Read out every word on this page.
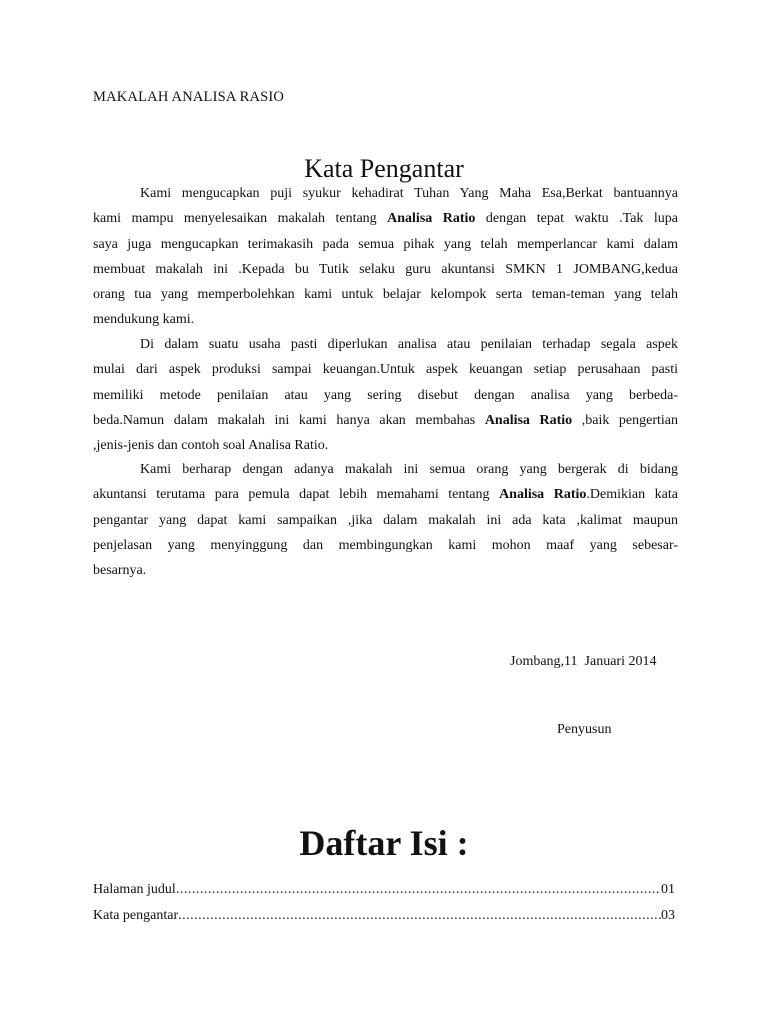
MAKALAH ANALISA RASIO
Kata Pengantar
Kami mengucapkan puji syukur kehadirat Tuhan Yang Maha Esa,Berkat bantuannya
kami mampu menyelesaikan makalah tentang Analisa Ratio dengan tepat waktu .Tak lupa
saya juga mengucapkan terimakasih pada semua pihak yang telah memperlancar kami dalam
membuat makalah ini .Kepada bu Tutik selaku guru akuntansi SMKN 1 JOMBANG,kedua
orang tua yang memperbolehkan kami untuk belajar kelompok serta teman-teman yang telah
mendukung kami.
Di dalam suatu usaha pasti diperlukan analisa atau penilaian terhadap segala aspek
mulai dari aspek produksi sampai keuangan.Untuk aspek keuangan setiap perusahaan pasti
memiliki metode penilaian atau yang sering disebut dengan analisa yang berbeda-
beda.Namun dalam makalah ini kami hanya akan membahas Analisa Ratio ,baik pengertian
,jenis-jenis dan contoh soal Analisa Ratio.
Kami berharap dengan adanya makalah ini semua orang yang bergerak di bidang
akuntansi terutama para pemula dapat lebih memahami tentang Analisa Ratio.Demikian kata
pengantar yang dapat kami sampaikan ,jika dalam makalah ini ada kata ,kalimat maupun
penjelasan yang menyinggung dan membingungkan kami mohon maaf yang sebesar-
besarnya.
Jombang,11  Januari 2014
Penyusun
Daftar Isi :
Halaman judul .....	01
Kata pengantar .....	03
